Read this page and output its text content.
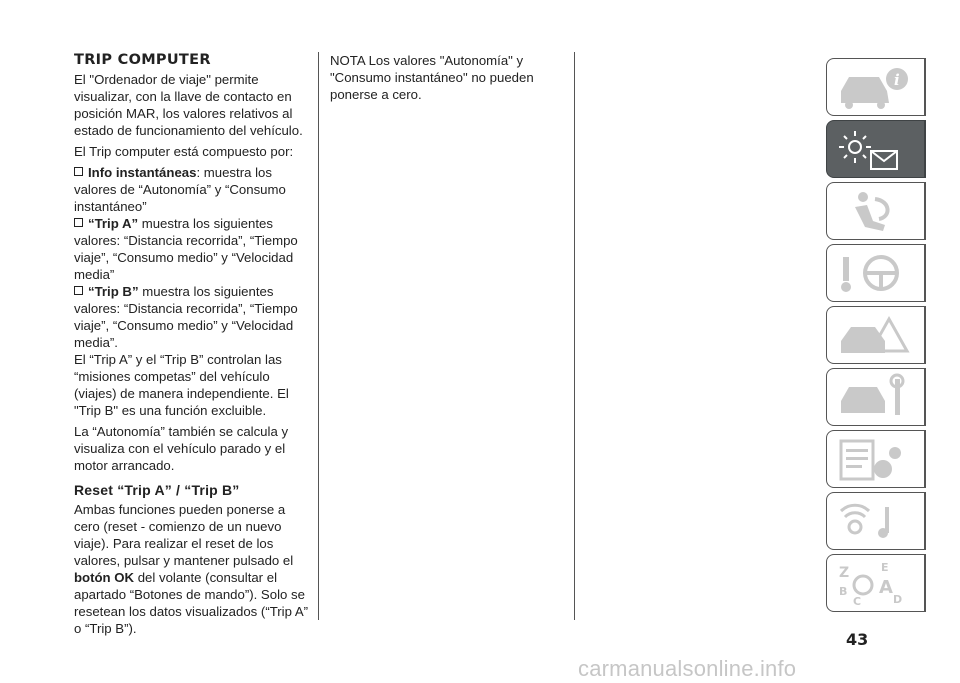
TRIP COMPUTER

El "Ordenador de viaje" permite visualizar, con la llave de contacto en posición MAR, los valores relativos al estado de funcionamiento del vehículo.

El Trip computer está compuesto por:

Info instantáneas: muestra los valores de “Autonomía” y “Consumo instantáneo”
“Trip A” muestra los siguientes valores: “Distancia recorrida”, “Tiempo viaje”, “Consumo medio” y “Velocidad media”

“Trip B” muestra los siguientes valores: “Distancia recorrida”, “Tiempo viaje”, “Consumo medio” y “Velocidad media”.

El “Trip A” y el “Trip B” controlan las “misiones competas” del vehículo (viajes) de manera independiente. El "Trip B" es una función excluible.

La “Autonomía” también se calcula y visualiza con el vehículo parado y el motor arrancado.

Reset “Trip A” / “Trip B”

Ambas funciones pueden ponerse a cero (reset - comienzo de un nuevo viaje). Para realizar el reset de los valores, pulsar y mantener pulsado el botón OK del volante (consultar el apartado “Botones de mando”). Solo se resetean los datos visualizados (“Trip A” o “Trip B”).

NOTA Los valores "Autonomía" y "Consumo instantáneo" no pueden ponerse a cero.

i
Z	E
A
B
C	D
43
carmanualsonline.info
